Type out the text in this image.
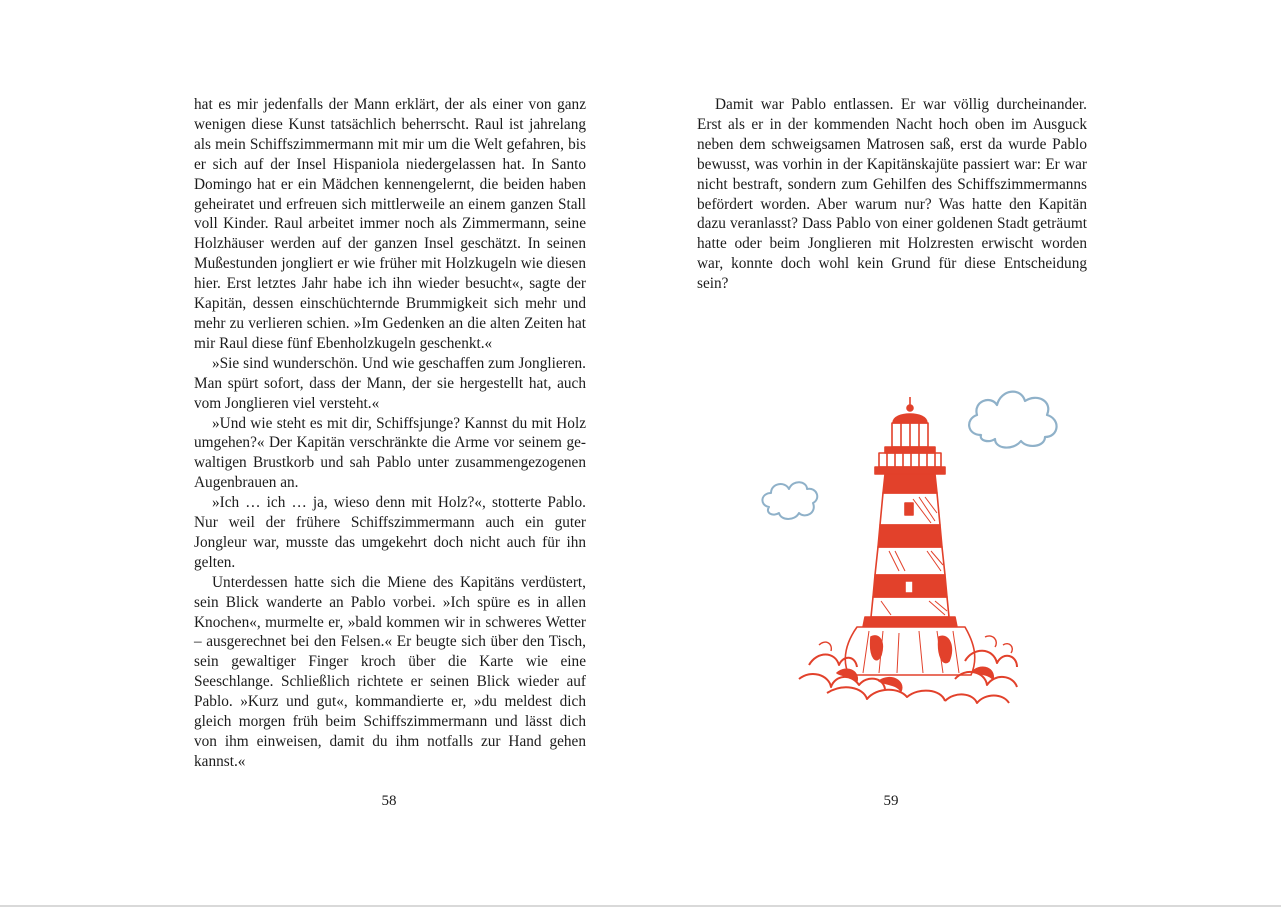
hat es mir jedenfalls der Mann erklärt, der als einer von ganz wenigen diese Kunst tatsächlich beherrscht. Raul ist jahrelang als mein Schiffszimmermann mit mir um die Welt gefahren, bis er sich auf der Insel Hispaniola niedergelassen hat. In Santo Domingo hat er ein Mädchen kennengelernt, die beiden haben geheiratet und erfreuen sich mittlerweile an einem ganzen Stall voll Kinder. Raul arbeitet immer noch als Zimmermann, seine Holzhäuser werden auf der ganzen Insel geschätzt. In seinen Mußestunden jongliert er wie früher mit Holzkugeln wie diesen hier. Erst letztes Jahr habe ich ihn wieder besucht«, sagte der Kapitän, dessen einschüchternde Brummigkeit sich mehr und mehr zu verlieren schien. »Im Gedenken an die alten Zeiten hat mir Raul diese fünf Ebenholzkugeln geschenkt.«

»Sie sind wunderschön. Und wie geschaffen zum Jonglieren. Man spürt sofort, dass der Mann, der sie hergestellt hat, auch vom Jonglieren viel versteht.«

»Und wie steht es mit dir, Schiffsjunge? Kannst du mit Holz umgehen?« Der Kapitän verschränkte die Arme vor seinem gewaltigen Brustkorb und sah Pablo unter zusammengezogenen Augenbrauen an.

»Ich … ich … ja, wieso denn mit Holz?«, stotterte Pablo. Nur weil der frühere Schiffszimmermann auch ein guter Jongleur war, musste das umgekehrt doch nicht auch für ihn gelten.

Unterdessen hatte sich die Miene des Kapitäns verdüstert, sein Blick wanderte an Pablo vorbei. »Ich spüre es in allen Knochen«, murmelte er, »bald kommen wir in schweres Wetter – ausgerechnet bei den Felsen.« Er beugte sich über den Tisch, sein gewaltiger Finger kroch über die Karte wie eine Seeschlange. Schließlich richtete er seinen Blick wieder auf Pablo. »Kurz und gut«, kommandierte er, »du meldest dich gleich morgen früh beim Schiffszimmermann und lässt dich von ihm einweisen, damit du ihm notfalls zur Hand gehen kannst.«

58

Damit war Pablo entlassen. Er war völlig durcheinander. Erst als er in der kommenden Nacht hoch oben im Ausguck neben dem schweigsamen Matrosen saß, erst da wurde Pablo bewusst, was vorhin in der Kapitänskajüte passiert war: Er war nicht bestraft, sondern zum Gehilfen des Schiffszimmermanns befördert worden. Aber warum nur? Was hatte den Kapitän dazu veranlasst? Dass Pablo von einer goldenen Stadt geträumt hatte oder beim Jonglieren mit Holzresten erwischt worden war, konnte doch wohl kein Grund für diese Entscheidung sein?

59
